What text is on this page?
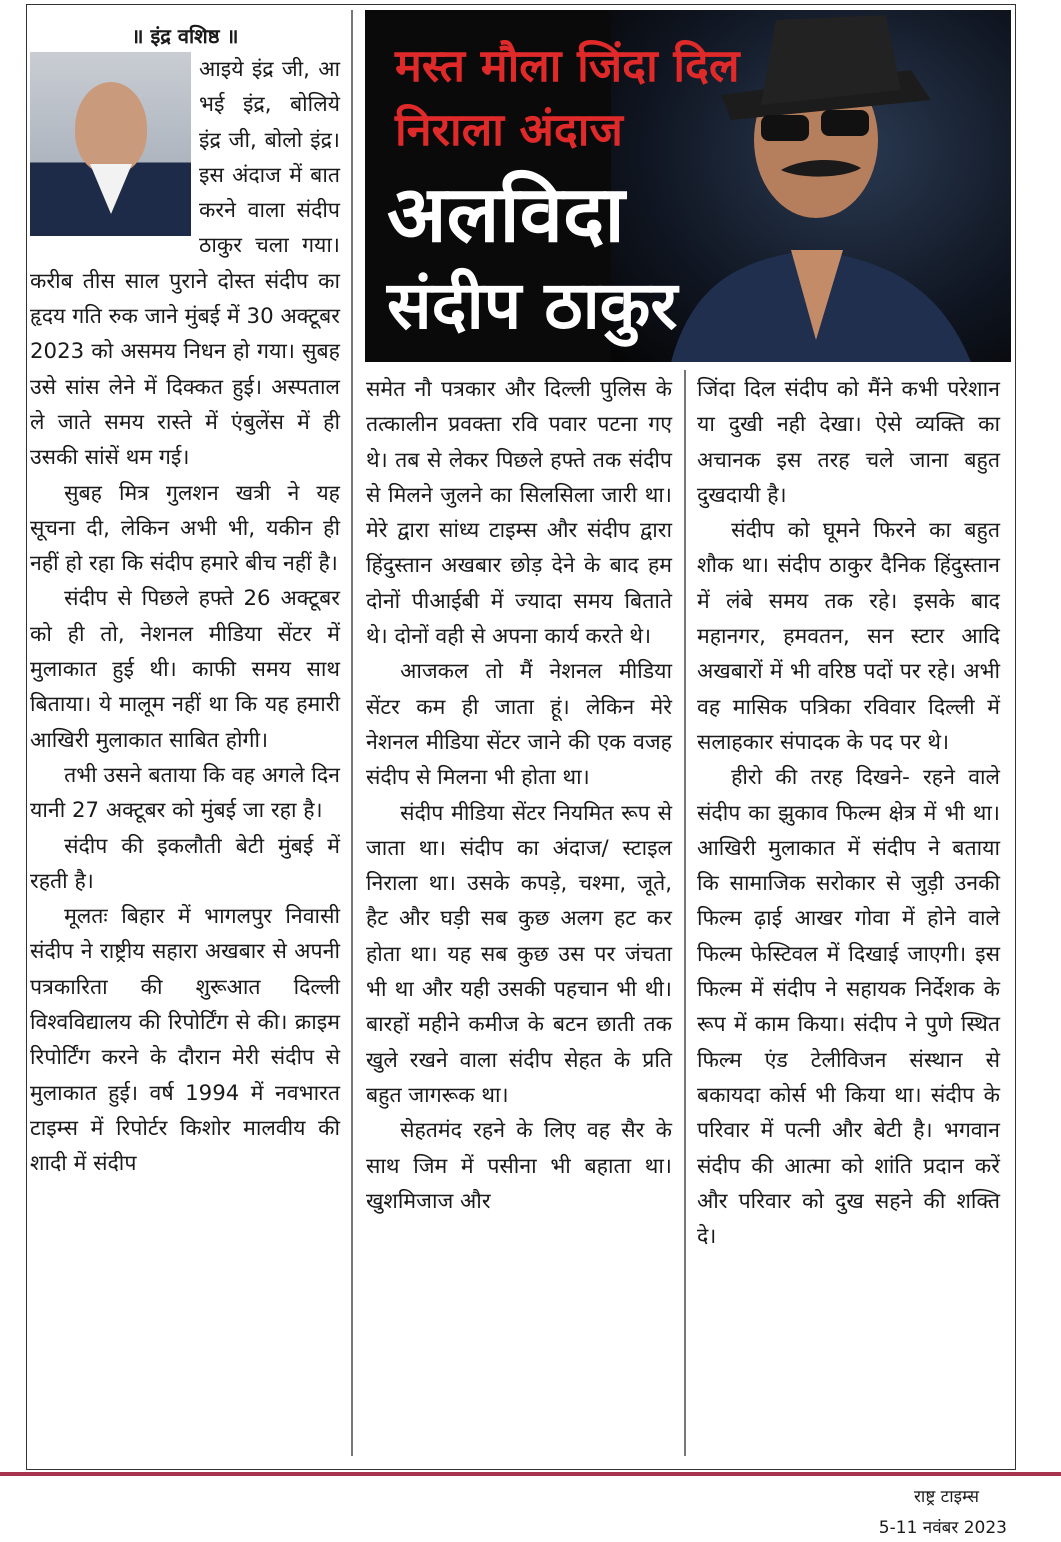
॥ इंद्र वशिष्ठ ॥

आइये इंद्र जी, आ भई इंद्र, बोलिये इंद्र जी, बोलो इंद्र। इस अंदाज में बात करने वाला संदीप ठाकुर चला गया। करीब तीस साल पुराने दोस्त संदीप का हृदय गति रुक जाने मुंबई में 30 अक्टूबर 2023 को असमय निधन हो गया। सुबह उसे सांस लेने में दिक्कत हुई। अस्पताल ले जाते समय रास्ते में एंबुलेंस में ही उसकी सांसें थम गई।

सुबह मित्र गुलशन खत्री ने यह सूचना दी, लेकिन अभी भी, यकीन ही नहीं हो रहा कि संदीप हमारे बीच नहीं है।

संदीप से पिछले हफ्ते 26 अक्टूबर को ही तो, नेशनल मीडिया सेंटर में मुलाकात हुई थी। काफी समय साथ बिताया। ये मालूम नहीं था कि यह हमारी आखिरी मुलाकात साबित होगी।

तभी उसने बताया कि वह अगले दिन यानी 27 अक्टूबर को मुंबई जा रहा है।

संदीप की इकलौती बेटी मुंबई में रहती है।

मूलतः बिहार में भागलपुर निवासी संदीप ने राष्ट्रीय सहारा अखबार से अपनी पत्रकारिता की शुरूआत दिल्ली विश्वविद्यालय की रिपोर्टिंग से की। क्राइम रिपोर्टिंग करने के दौरान मेरी संदीप से मुलाकात हुई। वर्ष 1994 में नवभारत टाइम्स में रिपोर्टर किशोर मालवीय की शादी में संदीप

मस्त मौला जिंदा दिल
निराला अंदाज
अलविदा
संदीप ठाकुर

समेत नौ पत्रकार और दिल्ली पुलिस के तत्कालीन प्रवक्ता रवि पवार पटना गए थे। तब से लेकर पिछले हफ्ते तक संदीप से मिलने जुलने का सिलसिला जारी था। मेरे द्वारा सांध्य टाइम्स और संदीप द्वारा हिंदुस्तान अखबार छोड़ देने के बाद हम दोनों पीआईबी में ज्यादा समय बिताते थे। दोनों वही से अपना कार्य करते थे।

आजकल तो मैं नेशनल मीडिया सेंटर कम ही जाता हूं। लेकिन मेरे नेशनल मीडिया सेंटर जाने की एक वजह संदीप से मिलना भी होता था।

संदीप मीडिया सेंटर नियमित रूप से जाता था। संदीप का अंदाज/ स्टाइल निराला था। उसके कपड़े, चश्मा, जूते, हैट और घड़ी सब कुछ अलग हट कर होता था। यह सब कुछ उस पर जंचता भी था और यही उसकी पहचान भी थी। बारहों महीने कमीज के बटन छाती तक खुले रखने वाला संदीप सेहत के प्रति बहुत जागरूक था।

सेहतमंद रहने के लिए वह सैर के साथ जिम में पसीना भी बहाता था। खुशमिजाज और

जिंदा दिल संदीप को मैंने कभी परेशान या दुखी नही देखा। ऐसे व्यक्ति का अचानक इस तरह चले जाना बहुत दुखदायी है।

संदीप को घूमने फिरने का बहुत शौक था। संदीप ठाकुर दैनिक हिंदुस्तान में लंबे समय तक रहे। इसके बाद महानगर, हमवतन, सन स्टार आदि अखबारों में भी वरिष्ठ पदों पर रहे। अभी वह मासिक पत्रिका रविवार दिल्ली में सलाहकार संपादक के पद पर थे।

हीरो की तरह दिखने- रहने वाले संदीप का झुकाव फिल्म क्षेत्र में भी था। आखिरी मुलाकात में संदीप ने बताया कि सामाजिक सरोकार से जुड़ी उनकी फिल्म ढ़ाई आखर गोवा में होने वाले फिल्म फेस्टिवल में दिखाई जाएगी। इस फिल्म में संदीप ने सहायक निर्देशक के रूप में काम किया। संदीप ने पुणे स्थित फिल्म एंड टेलीविजन संस्थान से बकायदा कोर्स भी किया था। संदीप के परिवार में पत्नी और बेटी है। भगवान संदीप की आत्मा को शांति प्रदान करें और परिवार को दुख सहने की शक्ति दे।

राष्ट्र टाइम्स
5-11 नवंबर 2023
